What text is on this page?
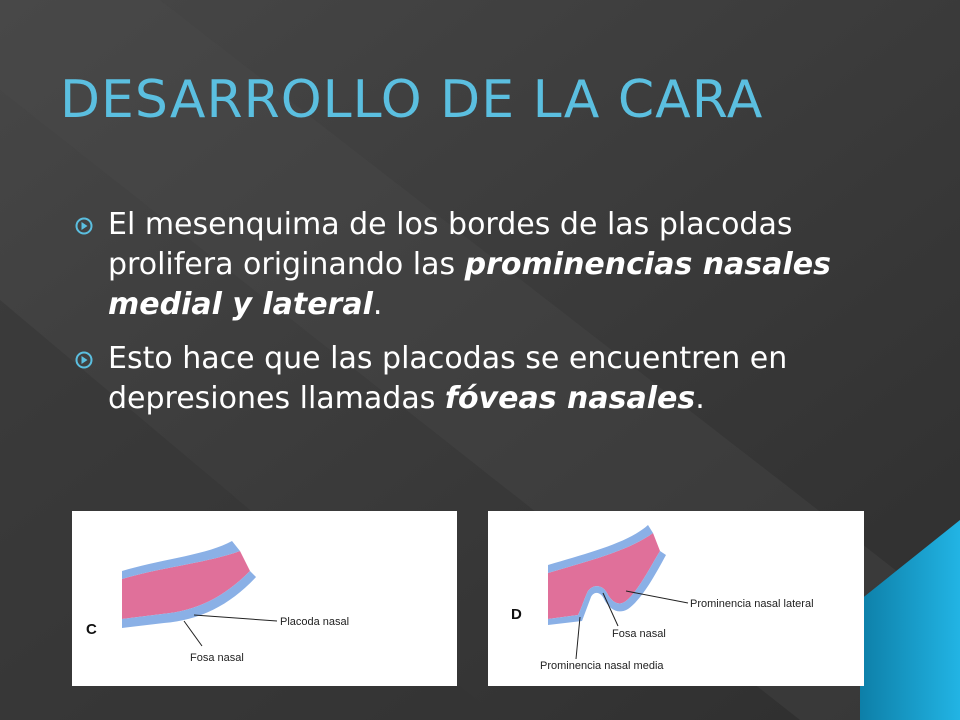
DESARROLLO DE LA CARA
El mesenquima de los bordes de las placodas prolifera originando las prominencias nasales medial y lateral.
Esto hace que las placodas se encuentren en depresiones llamadas fóveas nasales.
C	Placoda nasal
Fosa nasal
D
Prominencia nasal lateral
Fosa nasal
Prominencia nasal media
